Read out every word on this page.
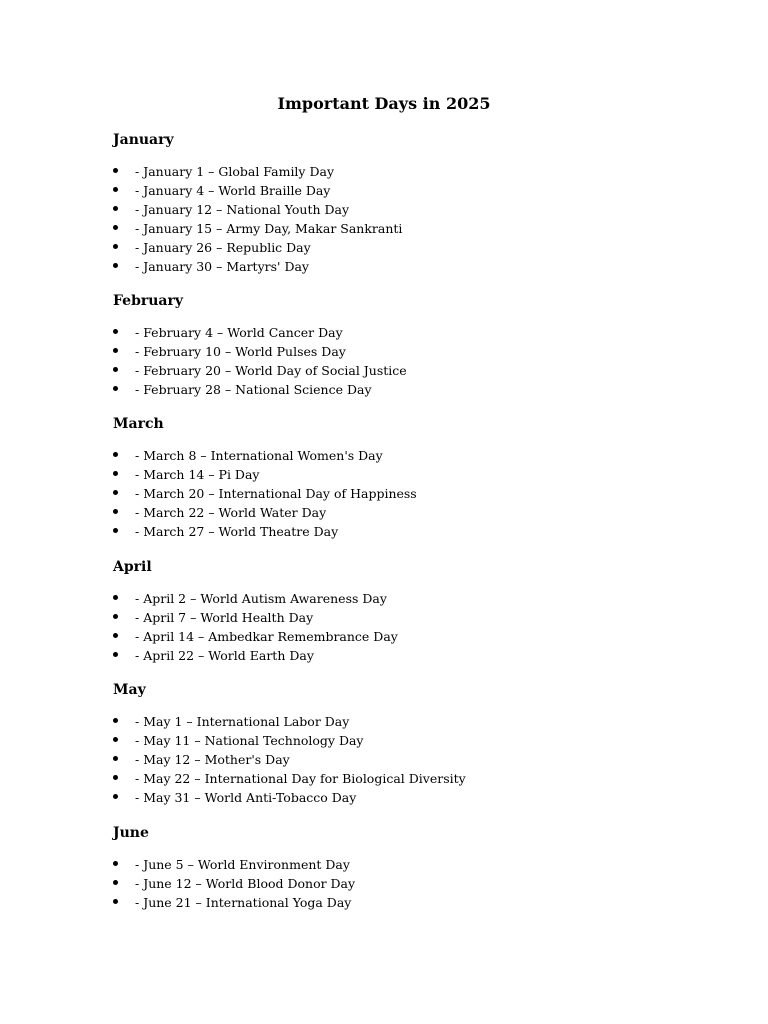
Important Days in 2025
January
- January 1 – Global Family Day
- January 4 – World Braille Day
- January 12 – National Youth Day
- January 15 – Army Day, Makar Sankranti
- January 26 – Republic Day
- January 30 – Martyrs' Day
February
- February 4 – World Cancer Day
- February 10 – World Pulses Day
- February 20 – World Day of Social Justice
- February 28 – National Science Day
March
- March 8 – International Women's Day
- March 14 – Pi Day
- March 20 – International Day of Happiness
- March 22 – World Water Day
- March 27 – World Theatre Day
April
- April 2 – World Autism Awareness Day
- April 7 – World Health Day
- April 14 – Ambedkar Remembrance Day
- April 22 – World Earth Day
May
- May 1 – International Labor Day
- May 11 – National Technology Day
- May 12 – Mother's Day
- May 22 – International Day for Biological Diversity
- May 31 – World Anti-Tobacco Day
June
- June 5 – World Environment Day
- June 12 – World Blood Donor Day
- June 21 – International Yoga Day
